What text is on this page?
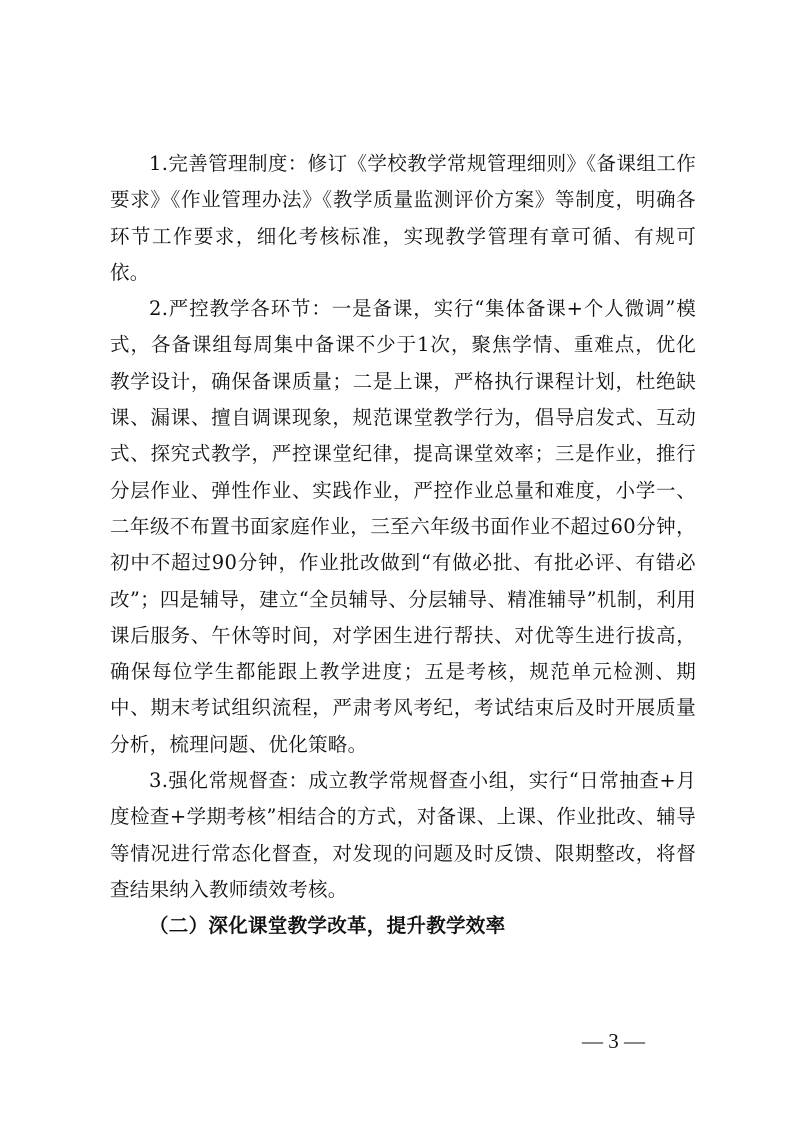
1.完善管理制度：修订《学校教学常规管理细则》《备课组工作要求》《作业管理办法》《教学质量监测评价方案》等制度，明确各环节工作要求，细化考核标准，实现教学管理有章可循、有规可依。

2.严控教学各环节：一是备课，实行“集体备课+个人微调”模式，各备课组每周集中备课不少于1次，聚焦学情、重难点，优化教学设计，确保备课质量；二是上课，严格执行课程计划，杜绝缺课、漏课、擅自调课现象，规范课堂教学行为，倡导启发式、互动式、探究式教学，严控课堂纪律，提高课堂效率；三是作业，推行分层作业、弹性作业、实践作业，严控作业总量和难度，小学一、二年级不布置书面家庭作业，三至六年级书面作业不超过60分钟，初中不超过90分钟，作业批改做到“有做必批、有批必评、有错必改”；四是辅导，建立“全员辅导、分层辅导、精准辅导”机制，利用课后服务、午休等时间，对学困生进行帮扶、对优等生进行拔高，确保每位学生都能跟上教学进度；五是考核，规范单元检测、期中、期末考试组织流程，严肃考风考纪，考试结束后及时开展质量分析，梳理问题、优化策略。

3.强化常规督查：成立教学常规督查小组，实行“日常抽查+月度检查+学期考核”相结合的方式，对备课、上课、作业批改、辅导等情况进行常态化督查，对发现的问题及时反馈、限期整改，将督查结果纳入教师绩效考核。

（二）深化课堂教学改革，提升教学效率

— 3 —
